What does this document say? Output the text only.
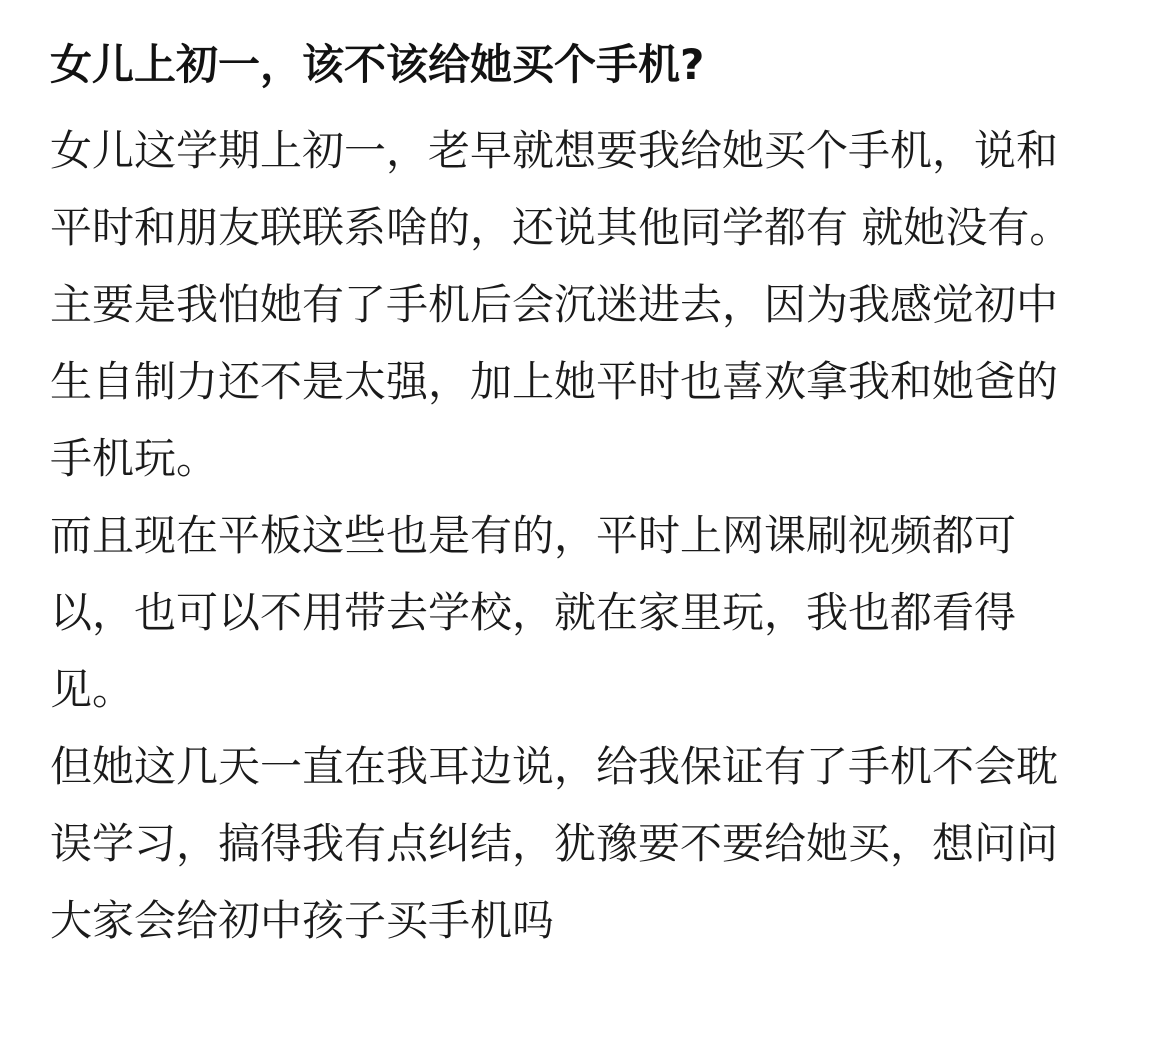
女儿上初一，该不该给她买个手机?

女儿这学期上初一，老早就想要我给她买个手机，说和平时和朋友联联系啥的，还说其他同学都有 就她没有。

主要是我怕她有了手机后会沉迷进去，因为我感觉初中生自制力还不是太强，加上她平时也喜欢拿我和她爸的手机玩。

而且现在平板这些也是有的，平时上网课刷视频都可以，也可以不用带去学校，就在家里玩，我也都看得见。

但她这几天一直在我耳边说，给我保证有了手机不会耽误学习，搞得我有点纠结，犹豫要不要给她买，想问问大家会给初中孩子买手机吗
